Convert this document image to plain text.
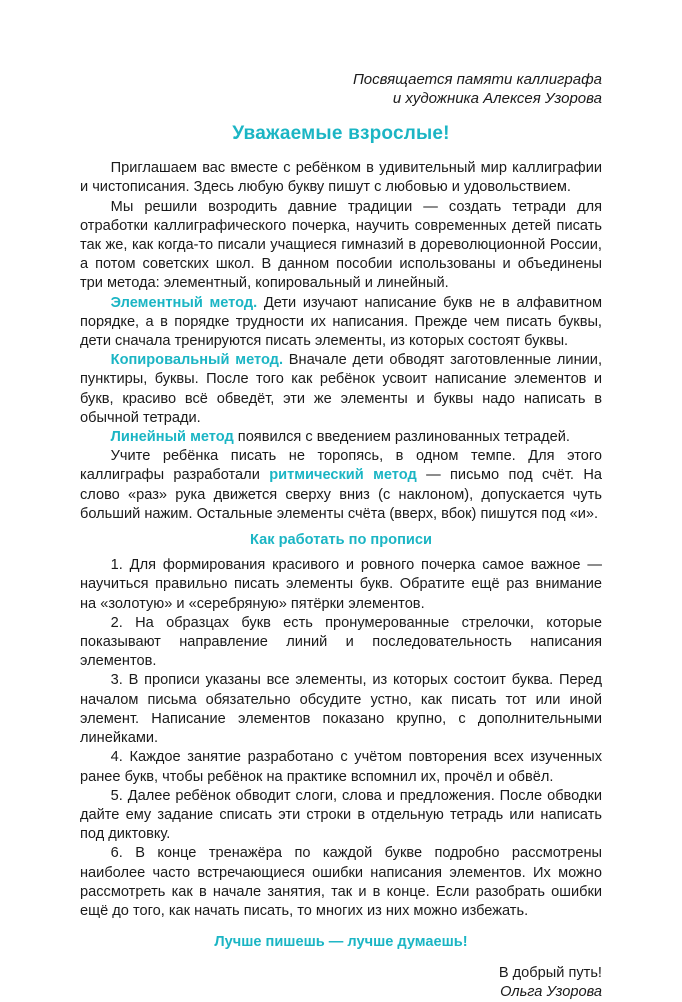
Посвящается памяти каллиграфа
и художника Алексея Узорова
Уважаемые взрослые!

Приглашаем вас вместе с ребёнком в удивительный мир каллиграфии и чистописания. Здесь любую букву пишут с любовью и удовольствием.

Мы решили возродить давние традиции — создать тетради для отработки каллиграфического почерка, научить современных детей писать так же, как когда-то писали учащиеся гимназий в дореволюционной России, а потом советских школ. В данном пособии использованы и объединены три метода: элементный, копировальный и линейный.

Элементный метод. Дети изучают написание букв не в алфавитном порядке, а в порядке трудности их написания. Прежде чем писать буквы, дети сначала тренируются писать элементы, из которых состоят буквы.

Копировальный метод. Вначале дети обводят заготовленные линии, пунктиры, буквы. После того как ребёнок усвоит написание элементов и букв, красиво всё обведёт, эти же элементы и буквы надо написать в обычной тетради.

Линейный метод появился с введением разлинованных тетрадей.

Учите ребёнка писать не торопясь, в одном темпе. Для этого каллиграфы разработали ритмический метод — письмо под счёт. На слово «раз» рука движется сверху вниз (с наклоном), допускается чуть больший нажим. Остальные элементы счёта (вверх, вбок) пишутся под «и».

Как работать по прописи

1. Для формирования красивого и ровного почерка самое важное — научиться правильно писать элементы букв. Обратите ещё раз внимание на «золотую» и «серебряную» пятёрки элементов.

2. На образцах букв есть пронумерованные стрелочки, которые показывают направление линий и последовательность написания элементов.

3. В прописи указаны все элементы, из которых состоит буква. Перед началом письма обязательно обсудите устно, как писать тот или иной элемент. Написание элементов показано крупно, с дополнительными линейками.

4. Каждое занятие разработано с учётом повторения всех изученных ранее букв, чтобы ребёнок на практике вспомнил их, прочёл и обвёл.

5. Далее ребёнок обводит слоги, слова и предложения. После обводки дайте ему задание списать эти строки в отдельную тетрадь или написать под диктовку.

6. В конце тренажёра по каждой букве подробно рассмотрены наиболее часто встречающиеся ошибки написания элементов. Их можно рассмотреть как в начале занятия, так и в конце. Если разобрать ошибки ещё до того, как начать писать, то многих из них можно избежать.

Лучше пишешь — лучше думаешь!
В добрый путь!
Ольга Узорова
